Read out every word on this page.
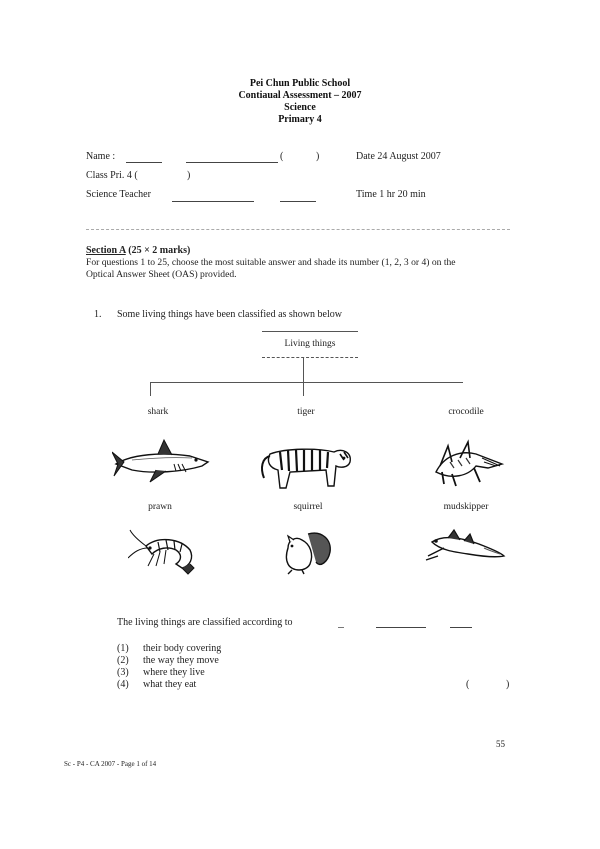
Pei Chun Public School
Contiaual Assessment – 2007
Science
Primary 4
Name :	(	)	Date 24 August 2007
Class Pri. 4 (	)
Science Teacher	Time 1 hr 20 min
Section A (25 × 2 marks)
For questions 1 to 25, choose the most suitable answer and shade its number (1, 2, 3 or 4) on the
Optical Answer Sheet (OAS) provided.
1. Some living things have been classified as shown below
Living things
shark	tiger	crocodile
prawn	squirrel	mudskipper
The living things are classified according to
(1) their body covering
(2) the way they move
(3) where they live
(4) what they eat	(	)
55
Sc - P4 - CA 2007 - Page 1 of 14
